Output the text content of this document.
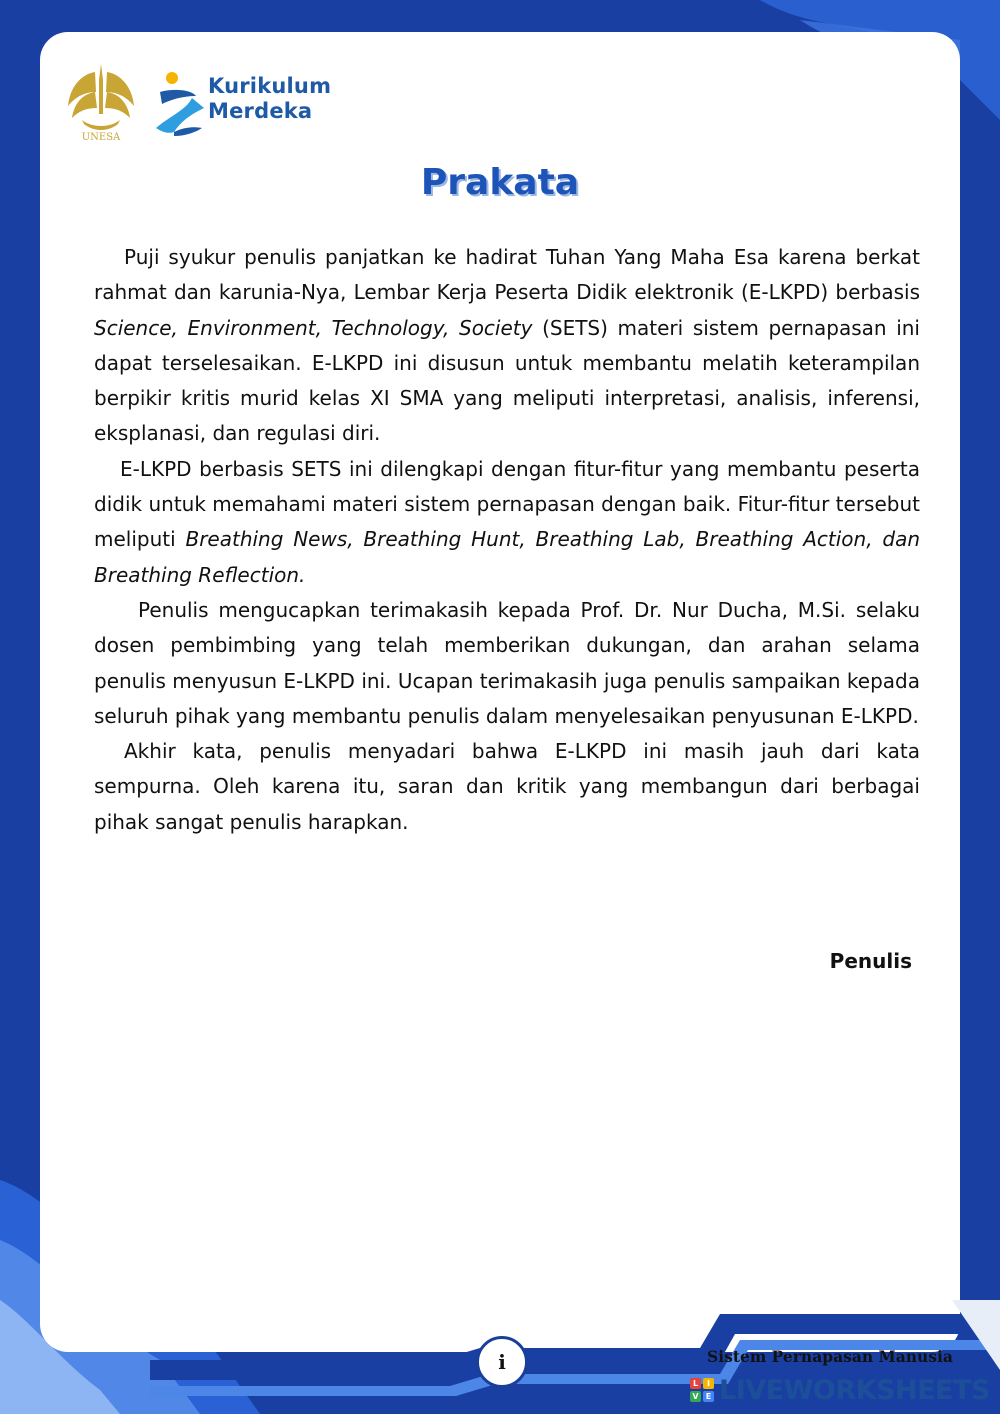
UNESA
Kurikulum
Merdeka
Prakata

Puji syukur penulis panjatkan ke hadirat Tuhan Yang Maha Esa karena berkat rahmat dan karunia-Nya, Lembar Kerja Peserta Didik elektronik (E-LKPD) berbasis Science, Environment, Technology, Society (SETS) materi sistem pernapasan ini dapat terselesaikan. E-LKPD ini disusun untuk membantu melatih keterampilan berpikir kritis murid kelas XI SMA yang meliputi interpretasi, analisis, inferensi, eksplanasi, dan regulasi diri.

E-LKPD berbasis SETS ini dilengkapi dengan fitur-fitur yang membantu peserta didik untuk memahami materi sistem pernapasan dengan baik. Fitur-fitur tersebut meliputi Breathing News, Breathing Hunt, Breathing Lab, Breathing Action, dan Breathing Reflection.

Penulis mengucapkan terimakasih kepada Prof. Dr. Nur Ducha, M.Si. selaku dosen pembimbing yang telah memberikan dukungan, dan arahan selama penulis menyusun E-LKPD ini. Ucapan terimakasih juga penulis sampaikan kepada seluruh pihak yang membantu penulis dalam menyelesaikan penyusunan E-LKPD.

Akhir kata, penulis menyadari bahwa E-LKPD ini masih jauh dari kata sempurna. Oleh karena itu, saran dan kritik yang membangun dari berbagai pihak sangat penulis harapkan.

Penulis
i	Sistem Pernapasan Manusia
L	I
V E LIVEWORKSHEETS
